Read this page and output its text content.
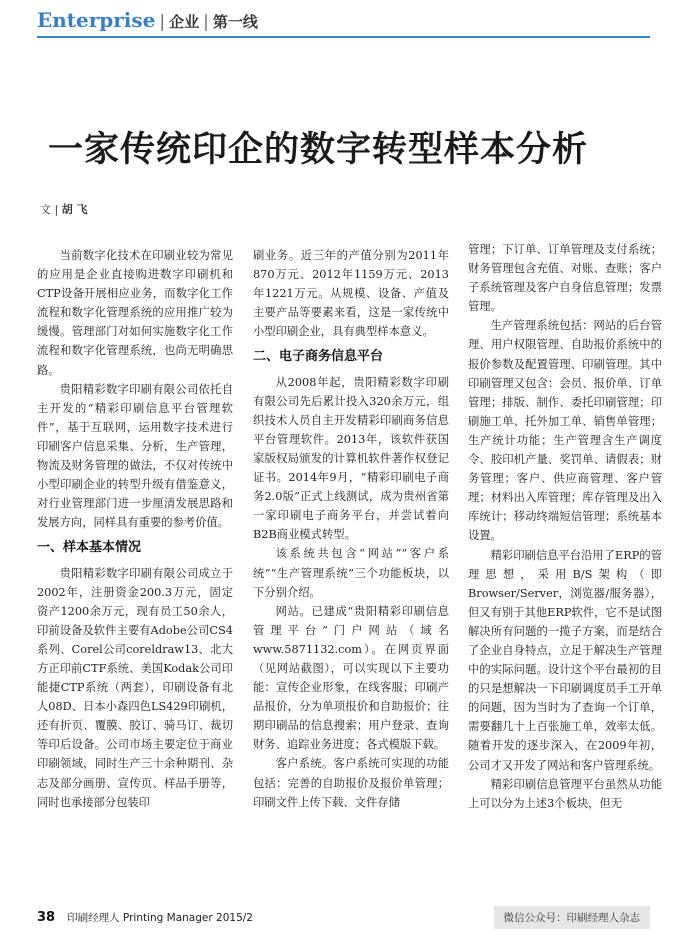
Enterprise | 企业 | 第一线
一家传统印企的数字转型样本分析
文 | 胡 飞

当前数字化技术在印刷业较为常见的应用是企业直接购进数字印刷机和CTP设备开展相应业务，而数字化工作流程和数字化管理系统的应用推广较为缓慢。管理部门对如何实施数字化工作流程和数字化管理系统，也尚无明确思路。

贵阳精彩数字印刷有限公司依托自主开发的“精彩印刷信息平台管理软件”，基于互联网，运用数字技术进行印刷客户信息采集、分析，生产管理，物流及财务管理的做法，不仅对传统中小型印刷企业的转型升级有借鉴意义，对行业管理部门进一步厘清发展思路和发展方向，同样具有重要的参考价值。

一、样本基本情况

贵阳精彩数字印刷有限公司成立于2002年，注册资金200.3万元，固定资产1200余万元，现有员工50余人，印前设备及软件主要有Adobe公司CS4系列、Corel公司coreldraw13、北大方正印前CTF系统、美国Kodak公司印能捷CTP系统（两套），印刷设备有北人08D、日本小森四色LS429印刷机，还有折页、覆膜、胶订、骑马订、裁切等印后设备。公司市场主要定位于商业印刷领域，同时生产三十余种期刊、杂志及部分画册、宣传页、样品手册等，同时也承接部分包装印

刷业务。近三年的产值分别为2011年870万元、2012年1159万元、2013年1221万元。从规模、设备、产值及主要产品等要素来看，这是一家传统中小型印刷企业，具有典型样本意义。

二、电子商务信息平台

从2008年起，贵阳精彩数字印刷有限公司先后累计投入320余万元，组织技术人员自主开发精彩印刷商务信息平台管理软件。2013年，该软件获国家版权局颁发的计算机软件著作权登记证书。2014年9月，“精彩印刷电子商务2.0版”正式上线测试，成为贵州省第一家印刷电子商务平台，并尝试着向B2B商业模式转型。

该系统共包含“网站”“客户系统”“生产管理系统”三个功能板块，以下分别介绍。

网站。已建成“贵阳精彩印刷信息管理平台”门户网站（域名www.5871132.com）。在网页界面（见网站截图），可以实现以下主要功能：宣传企业形象，在线客服；印刷产品报价，分为单项报价和自助报价；往期印刷品的信息搜索；用户登录、查询财务、追踪业务进度；各式模版下载。

客户系统。客户系统可实现的功能包括：完善的自助报价及报价单管理；印刷文件上传下载、文件存储

管理；下订单、订单管理及支付系统；财务管理包含充值、对账、查账；客户子系统管理及客户自身信息管理；发票管理。

生产管理系统包括：网站的后台管理、用户权限管理、自助报价系统中的报价参数及配置管理、印刷管理。其中印刷管理又包含：会员、报价单、订单管理；排版、制作、委托印刷管理；印刷施工单、托外加工单、销售单管理；生产统计功能；生产管理含生产调度令、胶印机产量、奖罚单、请假表；财务管理；客户、供应商管理、客户管理；材料出入库管理；库存管理及出入库统计；移动终端短信管理；系统基本设置。

精彩印刷信息平台沿用了ERP的管理思想，采用B/S架构（即Browser/Server，浏览器/服务器），但又有别于其他ERP软件，它不是试图解决所有问题的一揽子方案，而是结合了企业自身特点，立足于解决生产管理中的实际问题。设计这个平台最初的目的只是想解决一下印刷调度员手工开单的问题，因为当时为了查询一个订单，需要翻几十上百张施工单，效率太低。随着开发的逐步深入，在2009年初，公司才又开发了网站和客户管理系统。

精彩印刷信息管理平台虽然从功能上可以分为上述3个板块，但无

38 印刷经理人 Printing Manager 2015/2	微信公众号：印刷经理人杂志
